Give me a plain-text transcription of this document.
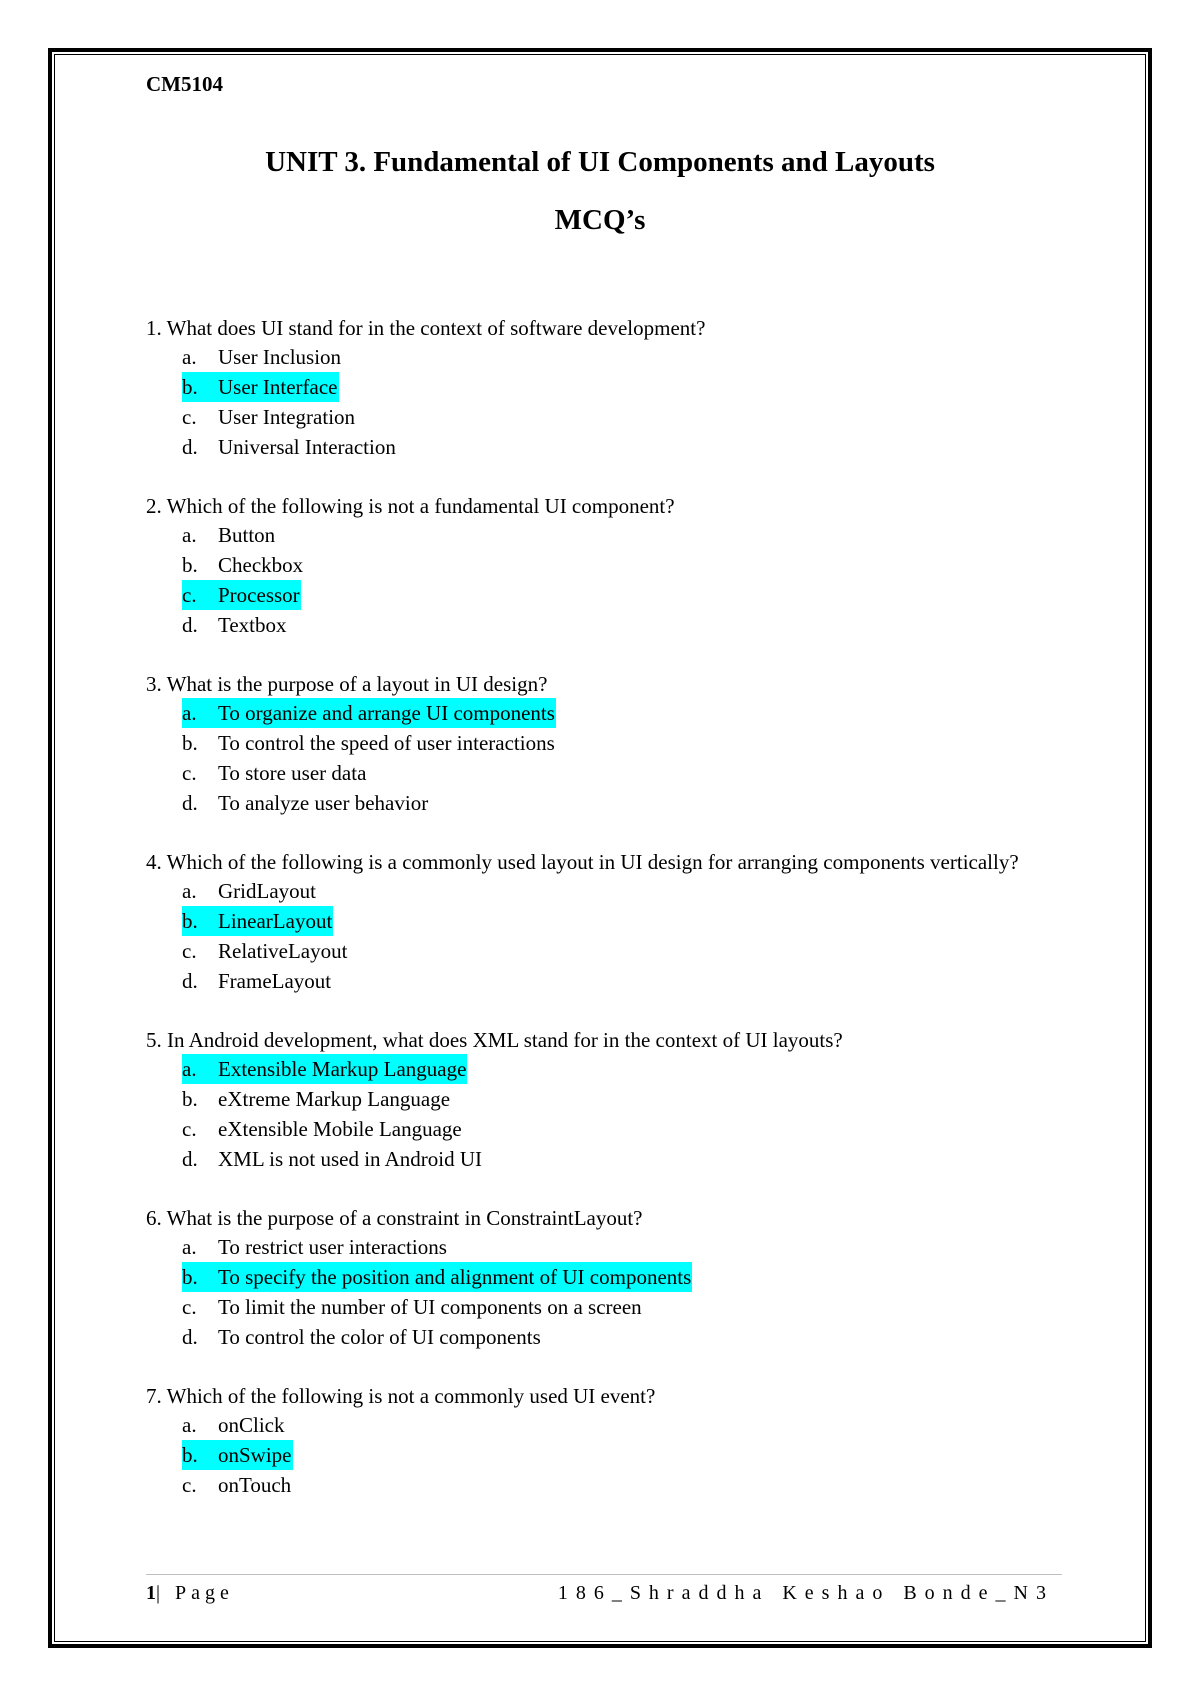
CM5104
UNIT 3. Fundamental of UI Components and Layouts
MCQ’s
1. What does UI stand for in the context of software development?
a. User Inclusion
b. User Interface
c. User Integration
d. Universal Interaction
2. Which of the following is not a fundamental UI component?
a. Button
b. Checkbox
c. Processor
d. Textbox
3. What is the purpose of a layout in UI design?
a. To organize and arrange UI components
b. To control the speed of user interactions
c. To store user data
d. To analyze user behavior
4. Which of the following is a commonly used layout in UI design for arranging components vertically?
a. GridLayout
b. LinearLayout
c. RelativeLayout
d. FrameLayout
5. In Android development, what does XML stand for in the context of UI layouts?
a. Extensible Markup Language
b. eXtreme Markup Language
c. eXtensible Mobile Language
d. XML is not used in Android UI
6. What is the purpose of a constraint in ConstraintLayout?
a. To restrict user interactions
b. To specify the position and alignment of UI components
c. To limit the number of UI components on a screen
d. To control the color of UI components
7. Which of the following is not a commonly used UI event?
a. onClick
b. onSwipe
c. onTouch
1| Page	186_Shraddha Keshao Bonde_N3
